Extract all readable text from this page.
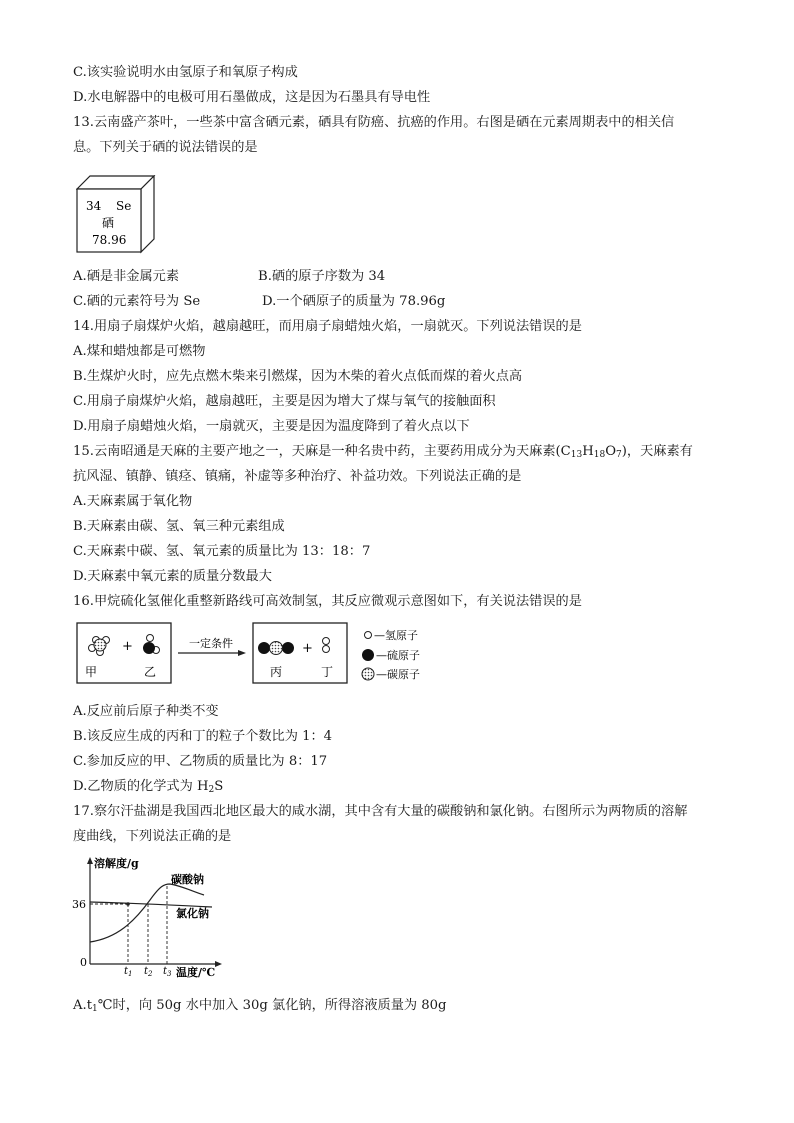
C.该实验说明水由氢原子和氧原子构成
D.水电解器中的电极可用石墨做成，这是因为石墨具有导电性
13.云南盛产茶叶，一些茶中富含硒元素，硒具有防癌、抗癌的作用。右图是硒在元素周期表中的相关信
息。下列关于硒的说法错误的是
34 Se
硒
78.96
A.硒是非金属元素	B.硒的原子序数为 34
C.硒的元素符号为 Se	D.一个硒原子的质量为 78.96g
14.用扇子扇煤炉火焰，越扇越旺，而用扇子扇蜡烛火焰，一扇就灭。下列说法错误的是
A.煤和蜡烛都是可燃物
B.生煤炉火时，应先点燃木柴来引燃煤，因为木柴的着火点低而煤的着火点高
C.用扇子扇煤炉火焰，越扇越旺，主要是因为增大了煤与氧气的接触面积
D.用扇子扇蜡烛火焰，一扇就灭，主要是因为温度降到了着火点以下
15.云南昭通是天麻的主要产地之一，天麻是一种名贵中药，主要药用成分为天麻素$(C_{13}H_{18}O_7)$，天麻素有
抗风湿、镇静、镇痉、镇痛，补虚等多种治疗、补益功效。下列说法正确的是
A.天麻素属于氧化物
B.天麻素由碳、氢、氧三种元素组成
C.天麻素中碳、氢、氧元素的质量比为 13：18：7
D.天麻素中氧元素的质量分数最大
16.甲烷硫化氢催化重整新路线可高效制氢，其反应微观示意图如下，有关说法错误的是
+
甲	乙
一定条件	+
丙	丁
—氢原子
—硫原子
—碳原子
A.反应前后原子种类不变
B.该反应生成的丙和丁的粒子个数比为 1：4
C.参加反应的甲、乙物质的质量比为 8：17
D.乙物质的化学式为 $H_2S$
17.察尔汗盐湖是我国西北地区最大的咸水湖，其中含有大量的碳酸钠和氯化钠。右图所示为两物质的溶解
度曲线，下列说法正确的是
溶解度/g
0
36
碳酸钠
氯化钠
$t_1$ $t_2$ $t_3$ 温度/℃
$A.t_1℃$时，向 50g 水中加入 30g 氯化钠，所得溶液质量为 80g
